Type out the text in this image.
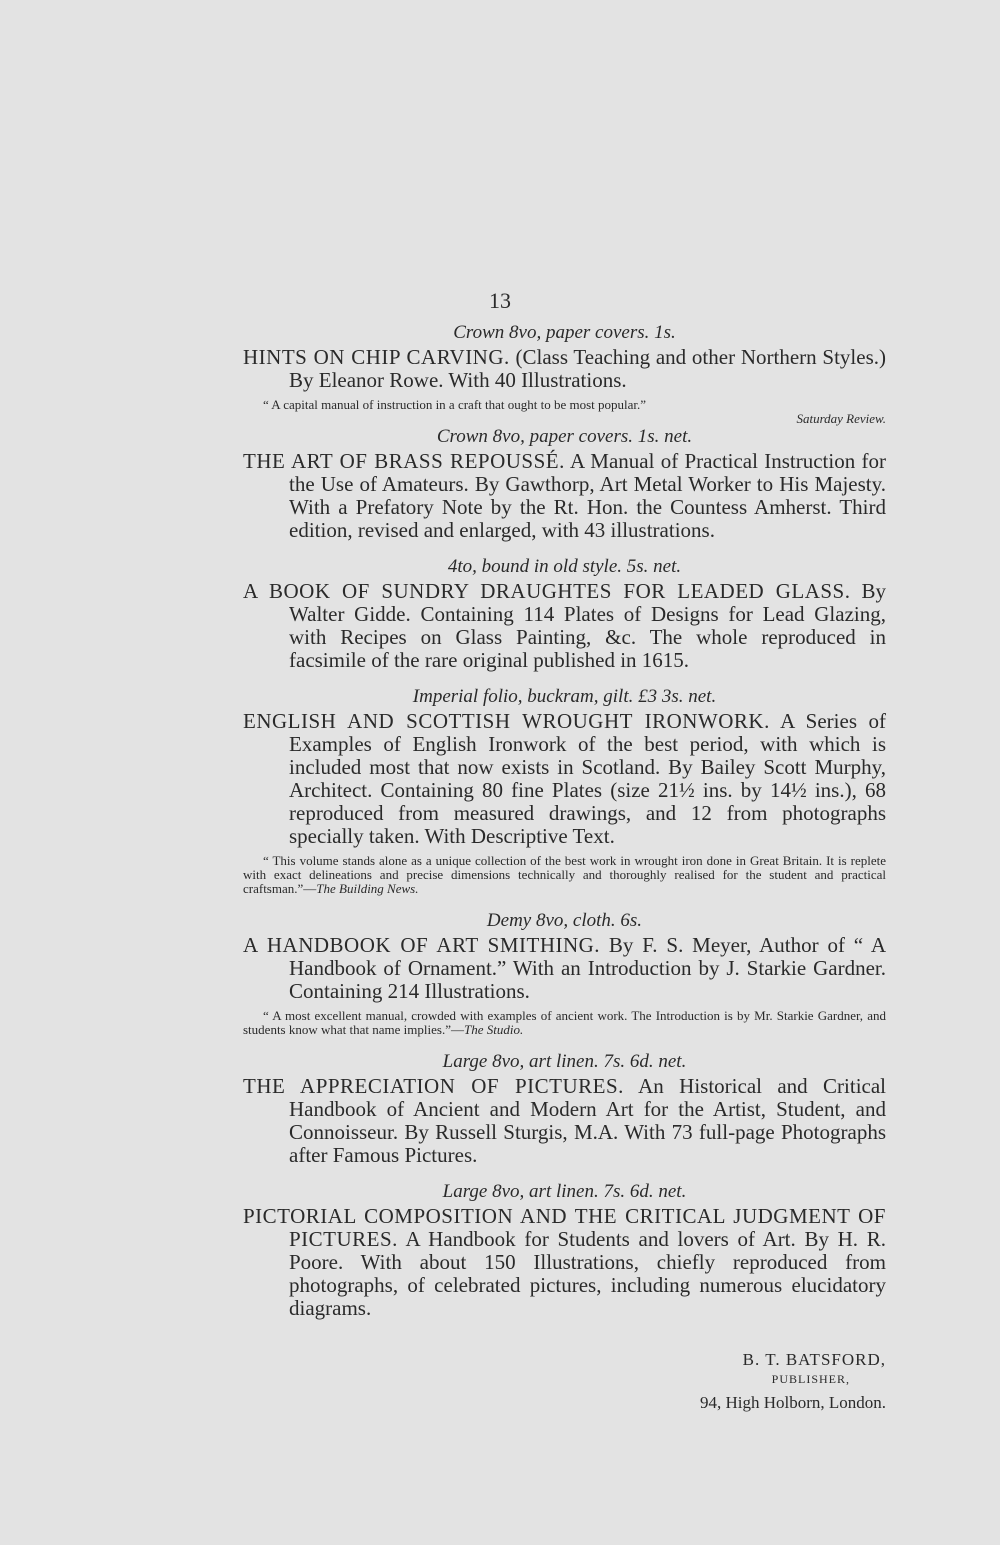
13

Crown 8vo, paper covers. 1s.

HINTS ON CHIP CARVING. (Class Teaching and other Northern Styles.) By Eleanor Rowe. With 40 Illustrations.

“ A capital manual of instruction in a craft that ought to be most popular.”

Saturday Review.

Crown 8vo, paper covers. 1s. net.

THE ART OF BRASS REPOUSSÉ. A Manual of Practical Instruction for the Use of Amateurs. By Gawthorp, Art Metal Worker to His Majesty. With a Prefatory Note by the Rt. Hon. the Countess Amherst. Third edition, revised and enlarged, with 43 illustrations.

4to, bound in old style. 5s. net.

A BOOK OF SUNDRY DRAUGHTES FOR LEADED GLASS. By Walter Gidde. Containing 114 Plates of Designs for Lead Glazing, with Recipes on Glass Painting, &c. The whole reproduced in facsimile of the rare original published in 1615.

Imperial folio, buckram, gilt. £3 3s. net.

ENGLISH AND SCOTTISH WROUGHT IRONWORK. A Series of Examples of English Ironwork of the best period, with which is included most that now exists in Scotland. By Bailey Scott Murphy, Architect. Containing 80 fine Plates (size 21½ ins. by 14½ ins.), 68 reproduced from measured drawings, and 12 from photographs specially taken. With Descriptive Text.

“ This volume stands alone as a unique collection of the best work in wrought iron done in Great Britain. It is replete with exact delineations and precise dimensions technically and thoroughly realised for the student and practical craftsman.”—The Building News.

Demy 8vo, cloth. 6s.

A HANDBOOK OF ART SMITHING. By F. S. Meyer, Author of “ A Handbook of Ornament.” With an Introduction by J. Starkie Gardner. Containing 214 Illustrations.

“ A most excellent manual, crowded with examples of ancient work. The Introduction is by Mr. Starkie Gardner, and students know what that name implies.”—The Studio.

Large 8vo, art linen. 7s. 6d. net.

THE APPRECIATION OF PICTURES. An Historical and Critical Handbook of Ancient and Modern Art for the Artist, Student, and Connoisseur. By Russell Sturgis, M.A. With 73 full-page Photographs after Famous Pictures.

Large 8vo, art linen. 7s. 6d. net.

PICTORIAL COMPOSITION AND THE CRITICAL JUDGMENT OF PICTURES. A Handbook for Students and lovers of Art. By H. R. Poore. With about 150 Illustrations, chiefly reproduced from photographs, of celebrated pictures, including numerous elucidatory diagrams.

B. T. BATSFORD,

PUBLISHER,

94, High Holborn, London.
